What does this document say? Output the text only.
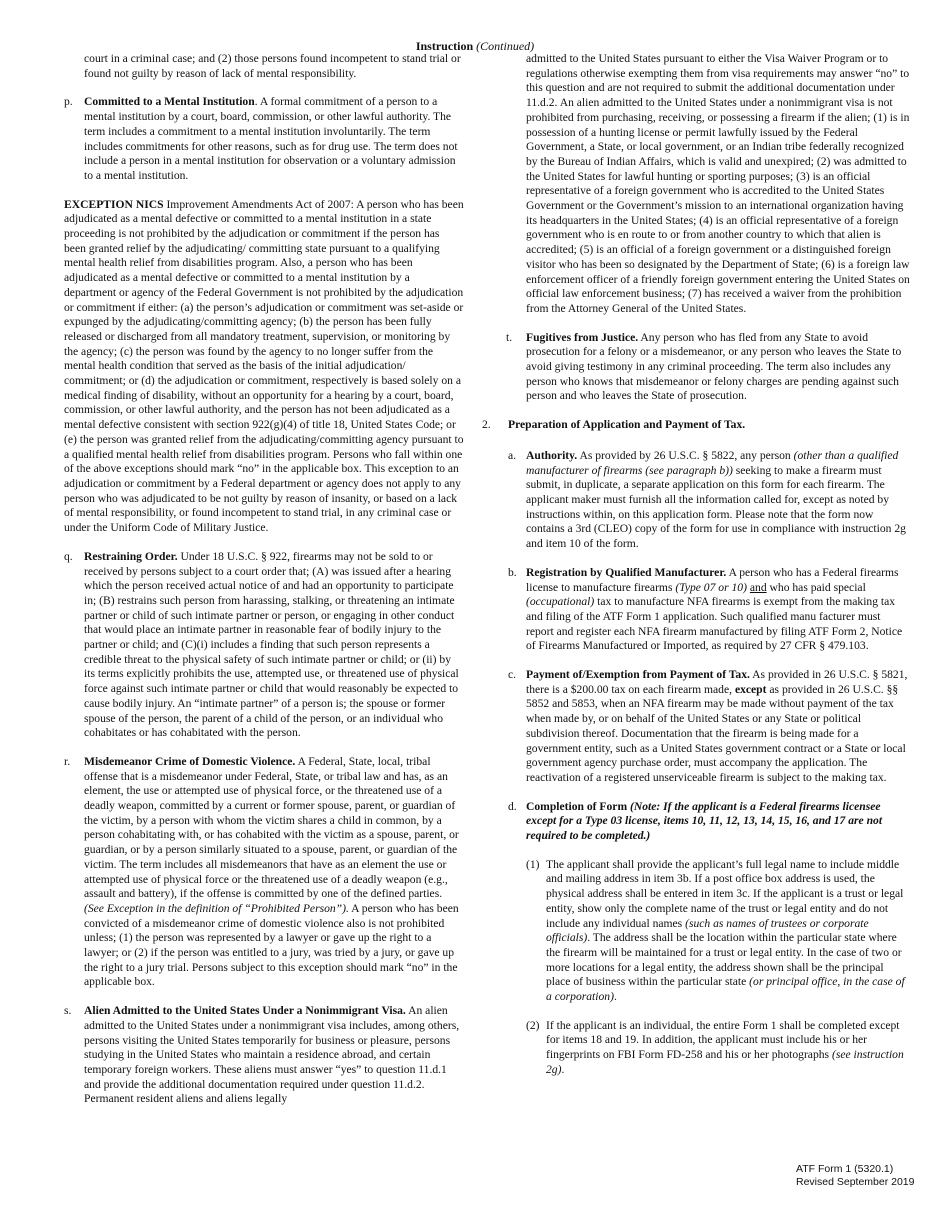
Instruction (Continued)

court in a criminal case; and (2) those persons found incompetent to stand trial or found not guilty by reason of lack of mental responsibility.

p. Committed to a Mental Institution. A formal commitment of a person to a mental institution by a court, board, commission, or other lawful authority. The term includes a commitment to a mental institution involuntarily. The term includes commitments for other reasons, such as for drug use. The term does not include a person in a mental institution for observation or a voluntary admission to a mental institution.

EXCEPTION NICS Improvement Amendments Act of 2007: A person who has been adjudicated as a mental defective or committed to a mental institution in a state proceeding is not prohibited by the adjudication or commitment if the person has been granted relief by the adjudicating/ committing state pursuant to a qualifying mental health relief from disabilities program. Also, a person who has been adjudicated as a mental defective or committed to a mental institution by a department or agency of the Federal Government is not prohibited by the adjudication or commitment if either: (a) the person’s adjudication or commitment was set-aside or expunged by the adjudicating/committing agency; (b) the person has been fully released or discharged from all mandatory treatment, supervision, or monitoring by the agency; (c) the person was found by the agency to no longer suffer from the mental health condition that served as the basis of the initial adjudication/ commitment; or (d) the adjudication or commitment, respectively is based solely on a medical finding of disability, without an opportunity for a hearing by a court, board, commission, or other lawful authority, and the person has not been adjudicated as a mental defective consistent with section 922(g)(4) of title 18, United States Code; or (e) the person was granted relief from the adjudicating/committing agency pursuant to a qualified mental health relief from disabilities program. Persons who fall within one of the above exceptions should mark “no” in the applicable box. This exception to an adjudication or commitment by a Federal department or agency does not apply to any person who was adjudicated to be not guilty by reason of insanity, or based on a lack of mental responsibility, or found incompetent to stand trial, in any criminal case or under the Uniform Code of Military Justice.

q. Restraining Order. Under 18 U.S.C. § 922, firearms may not be sold to or received by persons subject to a court order that; (A) was issued after a hearing which the person received actual notice of and had an opportunity to participate in; (B) restrains such person from harassing, stalking, or threatening an intimate partner or child of such intimate partner or person, or engaging in other conduct that would place an intimate partner in reasonable fear of bodily injury to the partner or child; and (C)(i) includes a finding that such person represents a credible threat to the physical safety of such intimate partner or child; or (ii) by its terms explicitly prohibits the use, attempted use, or threatened use of physical force against such intimate partner or child that would reasonably be expected to cause bodily injury. An “intimate partner” of a person is; the spouse or former spouse of the person, the parent of a child of the person, or an individual who cohabitates or has cohabitated with the person.

r. Misdemeanor Crime of Domestic Violence. A Federal, State, local, tribal offense that is a misdemeanor under Federal, State, or tribal law and has, as an element, the use or attempted use of physical force, or the threatened use of a deadly weapon, committed by a current or former spouse, parent, or guardian of the victim, by a person with whom the victim shares a child in common, by a person cohabitating with, or has cohabited with the victim as a spouse, parent, or guardian, or by a person similarly situated to a spouse, parent, or guardian of the victim. The term includes all misdemeanors that have as an element the use or attempted use of physical force or the threatened use of a deadly weapon (e.g., assault and battery), if the offense is committed by one of the defined parties. (See Exception in the definition of “Prohibited Person”). A person who has been convicted of a misdemeanor crime of domestic violence also is not prohibited unless; (1) the person was represented by a lawyer or gave up the right to a lawyer; or (2) if the person was entitled to a jury, was tried by a jury, or gave up the right to a jury trial. Persons subject to this exception should mark “no” in the applicable box.

s. Alien Admitted to the United States Under a Nonimmigrant Visa. An alien admitted to the United States under a nonimmigrant visa includes, among others, persons visiting the United States temporarily for business or pleasure, persons studying in the United States who maintain a residence abroad, and certain temporary foreign workers. These aliens must answer “yes” to question 11.d.1 and provide the additional documentation required under question 11.d.2. Permanent resident aliens and aliens legally

admitted to the United States pursuant to either the Visa Waiver Program or to regulations otherwise exempting them from visa requirements may answer “no” to this question and are not required to submit the additional documentation under 11.d.2. An alien admitted to the United States under a nonimmigrant visa is not prohibited from purchasing, receiving, or possessing a firearm if the alien; (1) is in possession of a hunting license or permit lawfully issued by the Federal Government, a State, or local government, or an Indian tribe federally recognized by the Bureau of Indian Affairs, which is valid and unexpired; (2) was admitted to the United States for lawful hunting or sporting purposes; (3) is an official representative of a foreign government who is accredited to the United States Government or the Government’s mission to an international organization having its headquarters in the United States; (4) is an official representative of a foreign government who is en route to or from another country to which that alien is accredited; (5) is an official of a foreign government or a distinguished foreign visitor who has been so designated by the Department of State; (6) is a foreign law enforcement officer of a friendly foreign government entering the United States on official law enforcement business; (7) has received a waiver from the prohibition from the Attorney General of the United States.

t. Fugitives from Justice. Any person who has fled from any State to avoid prosecution for a felony or a misdemeanor, or any person who leaves the State to avoid giving testimony in any criminal proceeding. The term also includes any person who knows that misdemeanor or felony charges are pending against such person and who leaves the State of prosecution.

2. Preparation of Application and Payment of Tax.

a. Authority. As provided by 26 U.S.C. § 5822, any person (other than a qualified manufacturer of firearms (see paragraph b)) seeking to make a firearm must submit, in duplicate, a separate application on this form for each firearm. The applicant maker must furnish all the information called for, except as noted by instructions within, on this application form. Please note that the form now contains a 3rd (CLEO) copy of the form for use in compliance with instruction 2g and item 10 of the form.

b. Registration by Qualified Manufacturer. A person who has a Federal firearms license to manufacture firearms (Type 07 or 10) and who has paid special (occupational) tax to manufacture NFA firearms is exempt from the making tax and filing of the ATF Form 1 application. Such qualified manu facturer must report and register each NFA firearm manufactured by filing ATF Form 2, Notice of Firearms Manufactured or Imported, as required by 27 CFR § 479.103.

c. Payment of/Exemption from Payment of Tax. As provided in 26 U.S.C. § 5821, there is a $200.00 tax on each firearm made, except as provided in 26 U.S.C. §§ 5852 and 5853, when an NFA firearm may be made without payment of the tax when made by, or on behalf of the United States or any State or political subdivision thereof. Documentation that the firearm is being made for a government entity, such as a United States government contract or a State or local government agency purchase order, must accompany the application. The reactivation of a registered unserviceable firearm is subject to the making tax.

d. Completion of Form (Note: If the applicant is a Federal firearms licensee except for a Type 03 license, items 10, 11, 12, 13, 14, 15, 16, and 17 are not required to be completed.)

(1) The applicant shall provide the applicant’s full legal name to include middle and mailing address in item 3b. If a post office box address is used, the physical address shall be entered in item 3c. If the applicant is a trust or legal entity, show only the complete name of the trust or legal entity and do not include any individual names (such as names of trustees or corporate officials). The address shall be the location within the particular state where the firearm will be maintained for a trust or legal entity. In the case of two or more locations for a legal entity, the address shown shall be the principal place of business within the particular state (or principal office, in the case of a corporation).

(2) If the applicant is an individual, the entire Form 1 shall be completed except for items 18 and 19. In addition, the applicant must include his or her fingerprints on FBI Form FD-258 and his or her photographs (see instruction 2g).

ATF Form 1 (5320.1)
Revised September 2019
